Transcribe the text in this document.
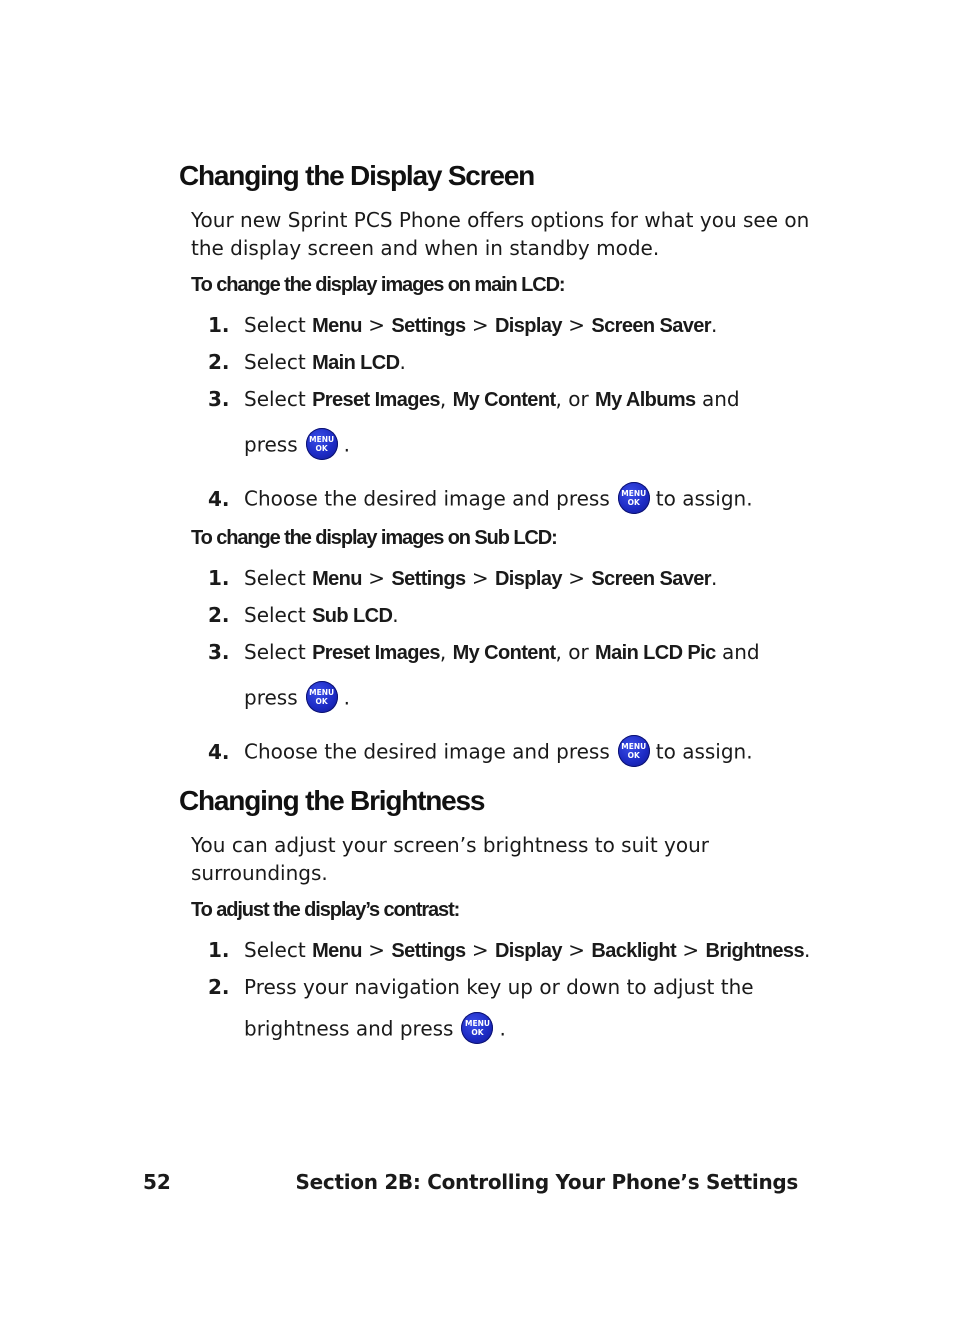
Changing the Display Screen

Your new Sprint PCS Phone offers options for what you see on the display screen and when in standby mode.

To change the display images on main LCD:

1. Select Menu > Settings > Display > Screen Saver.
2. Select Main LCD.
3. Select Preset Images, My Content, or My Albums and
press	MENU
OK .
4. Choose the desired image and press	MENU
OK to assign.

To change the display images on Sub LCD:

1. Select Menu > Settings > Display > Screen Saver.
2. Select Sub LCD.
3. Select Preset Images, My Content, or Main LCD Pic and
press	MENU
OK .
4. Choose the desired image and press	MENU
OK to assign.
Changing the Brightness

You can adjust your screen’s brightness to suit your surroundings.

To adjust the display’s contrast:

1. Select Menu > Settings > Display > Backlight > Brightness.
2. Press your navigation key up or down to adjust the
brightness and press	MENU
OK .
52	Section 2B: Controlling Your Phone’s Settings
